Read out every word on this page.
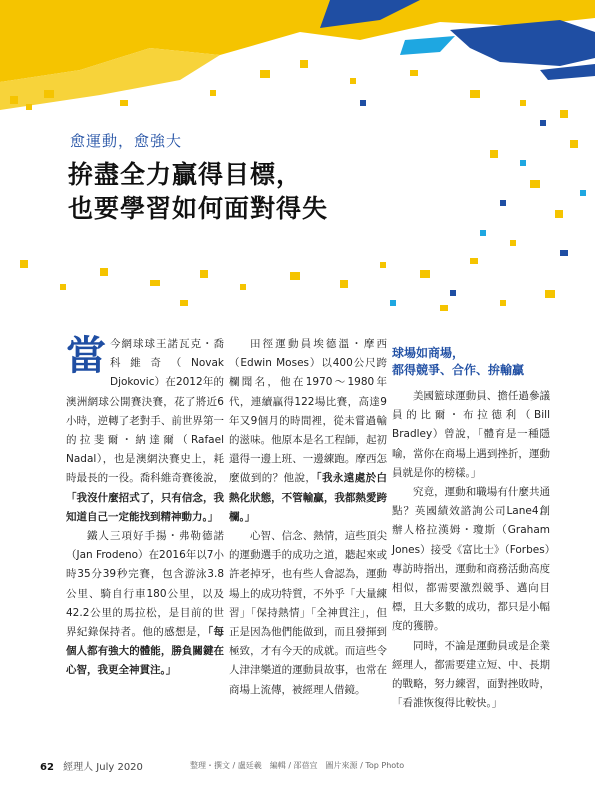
愈運動，愈強大
拚盡全力贏得目標，
也要學習如何面對得失

當 今網球球王諾瓦克・喬科維奇（Novak Djokovic）在2012年的澳洲網球公開賽決賽，花了將近6小時，逆轉了老對手、前世界第一的拉斐爾・納達爾（Rafael Nadal），也是澳網決賽史上，耗時最長的一役。喬科維奇賽後說，「我沒什麼招式了，只有信念，我知道自己一定能找到精神動力。」

鐵人三項好手揚・弗勒德諾（Jan Frodeno）在2016年以7小時35分39秒完賽，包含游泳3.8公里、騎自行車180公里，以及42.2公里的馬拉松，是目前的世界紀錄保持者。他的感想是，「每個人都有強大的體能，勝負關鍵在心智，我更全神貫注。」

田徑運動員埃德溫・摩西（Edwin Moses）以400公尺跨欄聞名，他在1970～1980年代，連續贏得122場比賽，高達9年又9個月的時間裡，從未嘗過輸的滋味。他原本是名工程師，起初還得一邊上班、一邊練跑。摩西怎麼做到的？他說，「我永遠處於白熱化狀態，不管輸贏，我都熱愛跨欄。」

心智、信念、熱情，這些頂尖的運動選手的成功之道，聽起來或許老掉牙，也有些人會認為，運動場上的成功特質，不外乎「大量練習」「保持熱情」「全神貫注」，但正是因為他們能做到，而且發揮到極致，才有今天的成就。而這些令人津津樂道的運動員故事，也常在商場上流傳，被經理人借鏡。

球場如商場，
都得競爭、合作、拚輸贏

美國籃球運動員、擔任過參議員的比爾・布拉德利（Bill Bradley）曾說，「體育是一種隱喻，當你在商場上遇到挫折，運動員就是你的榜樣。」

究竟，運動和職場有什麼共通點？英國績效諮詢公司Lane4創辦人格拉漢姆・瓊斯（Graham Jones）接受《富比士》（Forbes）專訪時指出，運動和商務活動高度相似，都需要激烈競爭、邁向目標，且大多數的成功，都只是小幅度的獲勝。

同時，不論是運動員或是企業經理人，都需要建立短、中、長期的戰略，努力練習，面對挫敗時，「看誰恢復得比較快。」

62 經理人 July 2020	整理・撰文 / 盧廷羲　編輯 / 邵蓓宜　圖片來源 / Top Photo
